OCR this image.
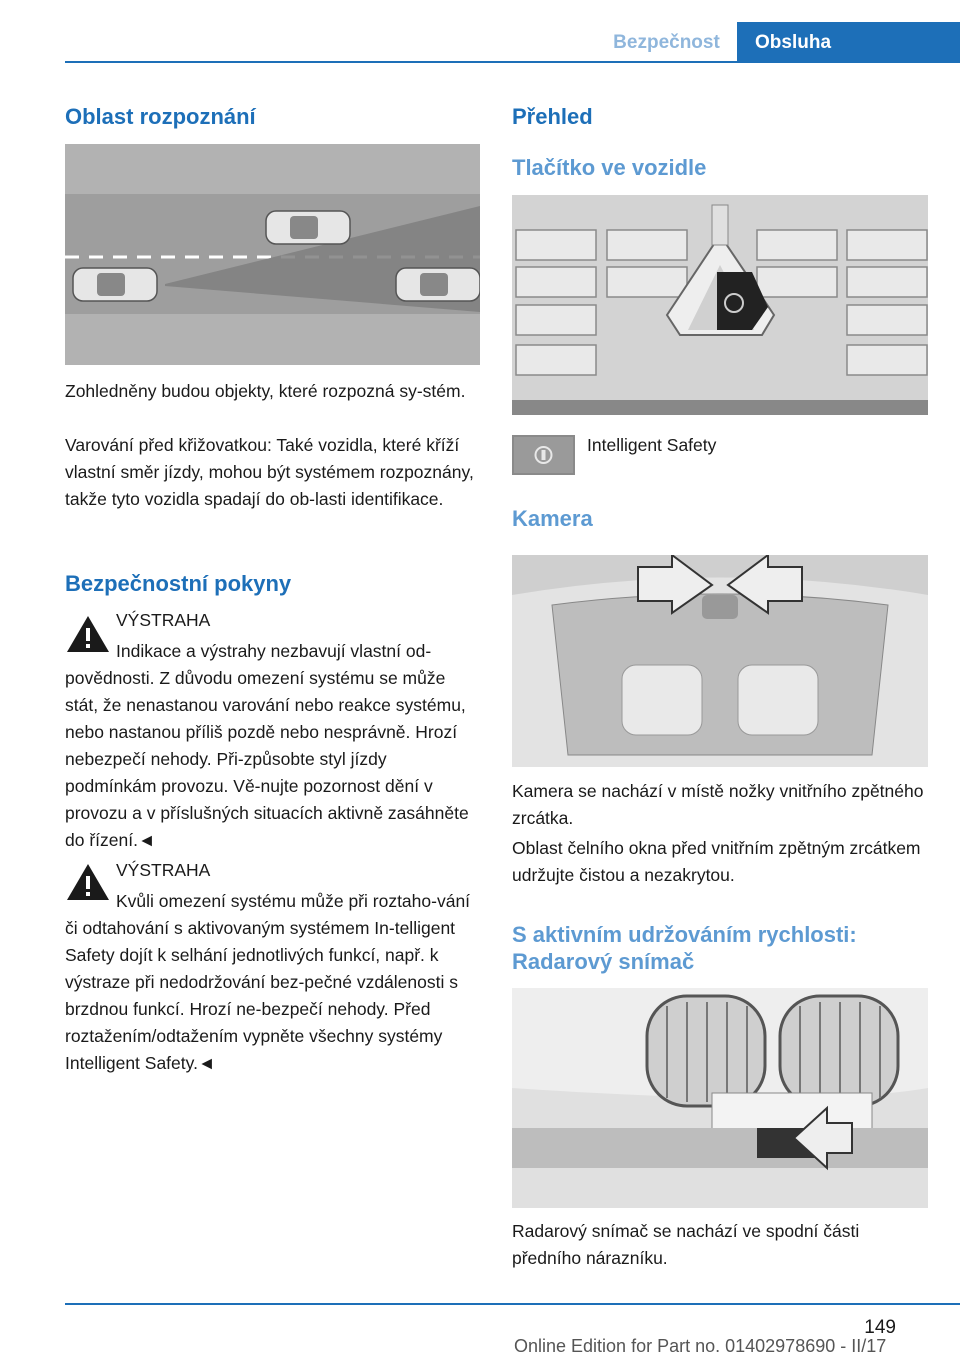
Bezpečnost	Obsluha
Oblast rozpoznání

Zohledněny budou objekty, které rozpozná sy‐stém.

Varování před křižovatkou: Také vozidla, které kříží vlastní směr jízdy, mohou být systémem rozpoznány, takže tyto vozidla spadají do ob‐lasti identifikace.

Bezpečnostní pokyny

VÝSTRAHA

Indikace a výstrahy nezbavují vlastní od‐povědnosti. Z důvodu omezení systému se může stát, že nenastanou varování nebo reakce systému, nebo nastanou příliš pozdě nebo nesprávně. Hrozí nebezpečí nehody. Při‐způsobte styl jízdy podmínkám provozu. Vě‐nujte pozornost dění v provozu a v příslušných situacích aktivně zasáhněte do řízení.◄

VÝSTRAHA

Kvůli omezení systému může při roztaho‐vání či odtahování s aktivovaným systémem In‐telligent Safety dojít k selhání jednotlivých funkcí, např. k výstraze při nedodržování bez‐pečné vzdálenosti s brzdnou funkcí. Hrozí ne‐bezpečí nehody. Před roztažením/odtažením vypněte všechny systémy Intelligent Safety.◄

Přehled
Tlačítko ve vozidle

Intelligent Safety

Kamera

Kamera se nachází v místě nožky vnitřního zpětného zrcátka.

Oblast čelního okna před vnitřním zpětným zrcátkem udržujte čistou a nezakrytou.

S aktivním udržováním rychlosti: Radarový snímač

Radarový snímač se nachází ve spodní části předního nárazníku.

149
Online Edition for Part no. 01402978690 - II/17
